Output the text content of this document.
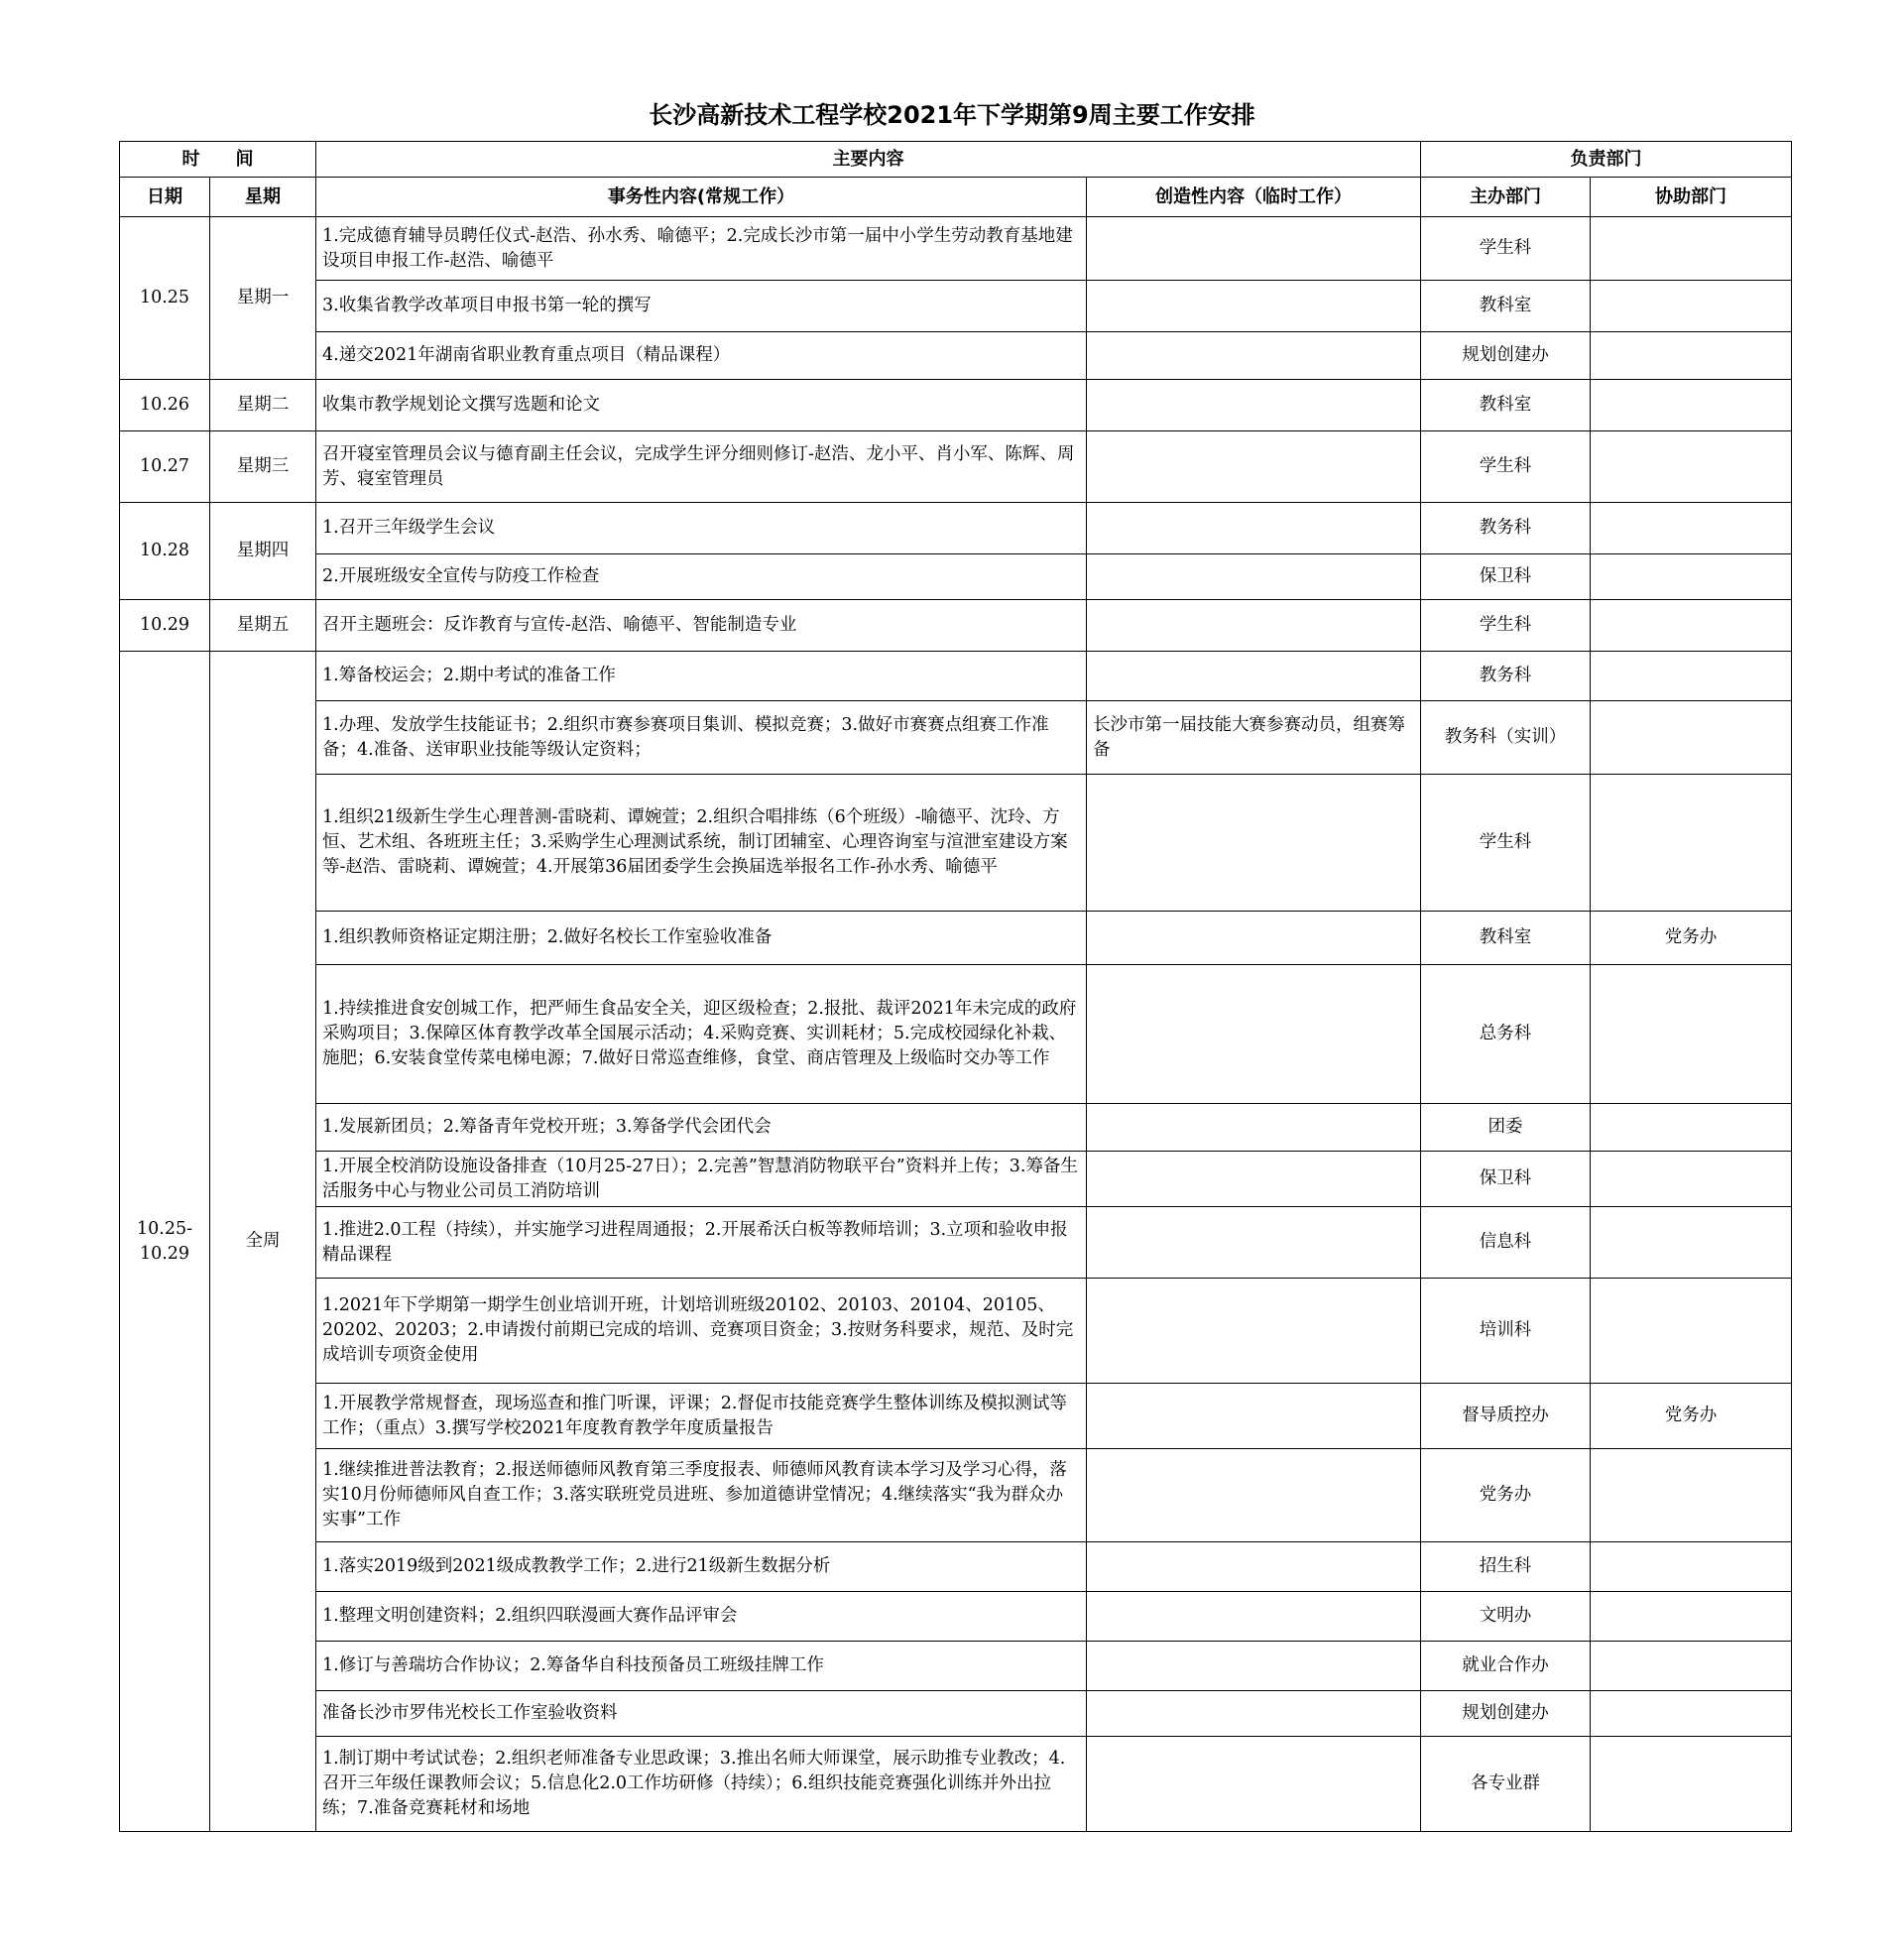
长沙高新技术工程学校2021年下学期第9周主要工作安排
时　　间		主要内容		负责部门	
日期	星期	事务性内容(常规工作）	创造性内容（临时工作）	主办部门	协助部门
10.25	星期一	1.完成德育辅导员聘任仪式-赵浩、孙水秀、喻德平；2.完成长沙市第一届中小学生劳动教育基地建设项目申报工作-赵浩、喻德平		学生科	
		3.收集省教学改革项目申报书第一轮的撰写		教科室	
		4.递交2021年湖南省职业教育重点项目（精品课程）		规划创建办	
10.26	星期二	收集市教学规划论文撰写选题和论文		教科室	
10.27	星期三	召开寝室管理员会议与德育副主任会议，完成学生评分细则修订-赵浩、龙小平、肖小军、陈辉、周芳、寝室管理员		学生科	
10.28	星期四	1.召开三年级学生会议		教务科	
		2.开展班级安全宣传与防疫工作检查		保卫科	
10.29	星期五	召开主题班会：反诈教育与宣传-赵浩、喻德平、智能制造专业		学生科	
10.25-
10.29	全周	1.筹备校运会；2.期中考试的准备工作		教务科	
		1.办理、发放学生技能证书；2.组织市赛参赛项目集训、模拟竞赛；3.做好市赛赛点组赛工作准备；4.准备、送审职业技能等级认定资料；	长沙市第一届技能大赛参赛动员，组赛筹备	教务科（实训）	
		1.组织21级新生学生心理普测-雷晓莉、谭婉萱；2.组织合唱排练（6个班级）-喻德平、沈玲、方恒、艺术组、各班班主任；3.采购学生心理测试系统，制订团辅室、心理咨询室与渲泄室建设方案等-赵浩、雷晓莉、谭婉萱；4.开展第36届团委学生会换届选举报名工作-孙水秀、喻德平		学生科	
		1.组织教师资格证定期注册；2.做好名校长工作室验收准备		教科室	党务办
		1.持续推进食安创城工作，把严师生食品安全关，迎区级检查；2.报批、裁评2021年未完成的政府采购项目；3.保障区体育教学改革全国展示活动；4.采购竞赛、实训耗材；5.完成校园绿化补栽、施肥；6.安装食堂传菜电梯电源；7.做好日常巡查维修，食堂、商店管理及上级临时交办等工作		总务科	
		1.发展新团员；2.筹备青年党校开班；3.筹备学代会团代会		团委	
		1.开展全校消防设施设备排查（10月25-27日）；2.完善”智慧消防物联平台”资料并上传；3.筹备生活服务中心与物业公司员工消防培训		保卫科	
		1.推进2.0工程（持续），并实施学习进程周通报；2.开展希沃白板等教师培训；3.立项和验收申报精品课程		信息科	
		1.2021年下学期第一期学生创业培训开班，计划培训班级20102、20103、20104、20105、20202、20203；2.申请拨付前期已完成的培训、竞赛项目资金；3.按财务科要求，规范、及时完成培训专项资金使用		培训科	
		1.开展教学常规督查，现场巡查和推门听课，评课；2.督促市技能竞赛学生整体训练及模拟测试等工作；（重点）3.撰写学校2021年度教育教学年度质量报告		督导质控办	党务办
		1.继续推进普法教育；2.报送师德师风教育第三季度报表、师德师风教育读本学习及学习心得，落实10月份师德师风自查工作；3.落实联班党员进班、参加道德讲堂情况；4.继续落实“我为群众办实事”工作		党务办	
		1.落实2019级到2021级成教教学工作；2.进行21级新生数据分析		招生科	
		1.整理文明创建资料；2.组织四联漫画大赛作品评审会		文明办	
		1.修订与善瑞坊合作协议；2.筹备华自科技预备员工班级挂牌工作		就业合作办	
		准备长沙市罗伟光校长工作室验收资料		规划创建办	
		1.制订期中考试试卷；2.组织老师准备专业思政课；3.推出名师大师课堂，展示助推专业教改；4.召开三年级任课教师会议；5.信息化2.0工作坊研修（持续）；6.组织技能竞赛强化训练并外出拉练；7.准备竞赛耗材和场地		各专业群	
